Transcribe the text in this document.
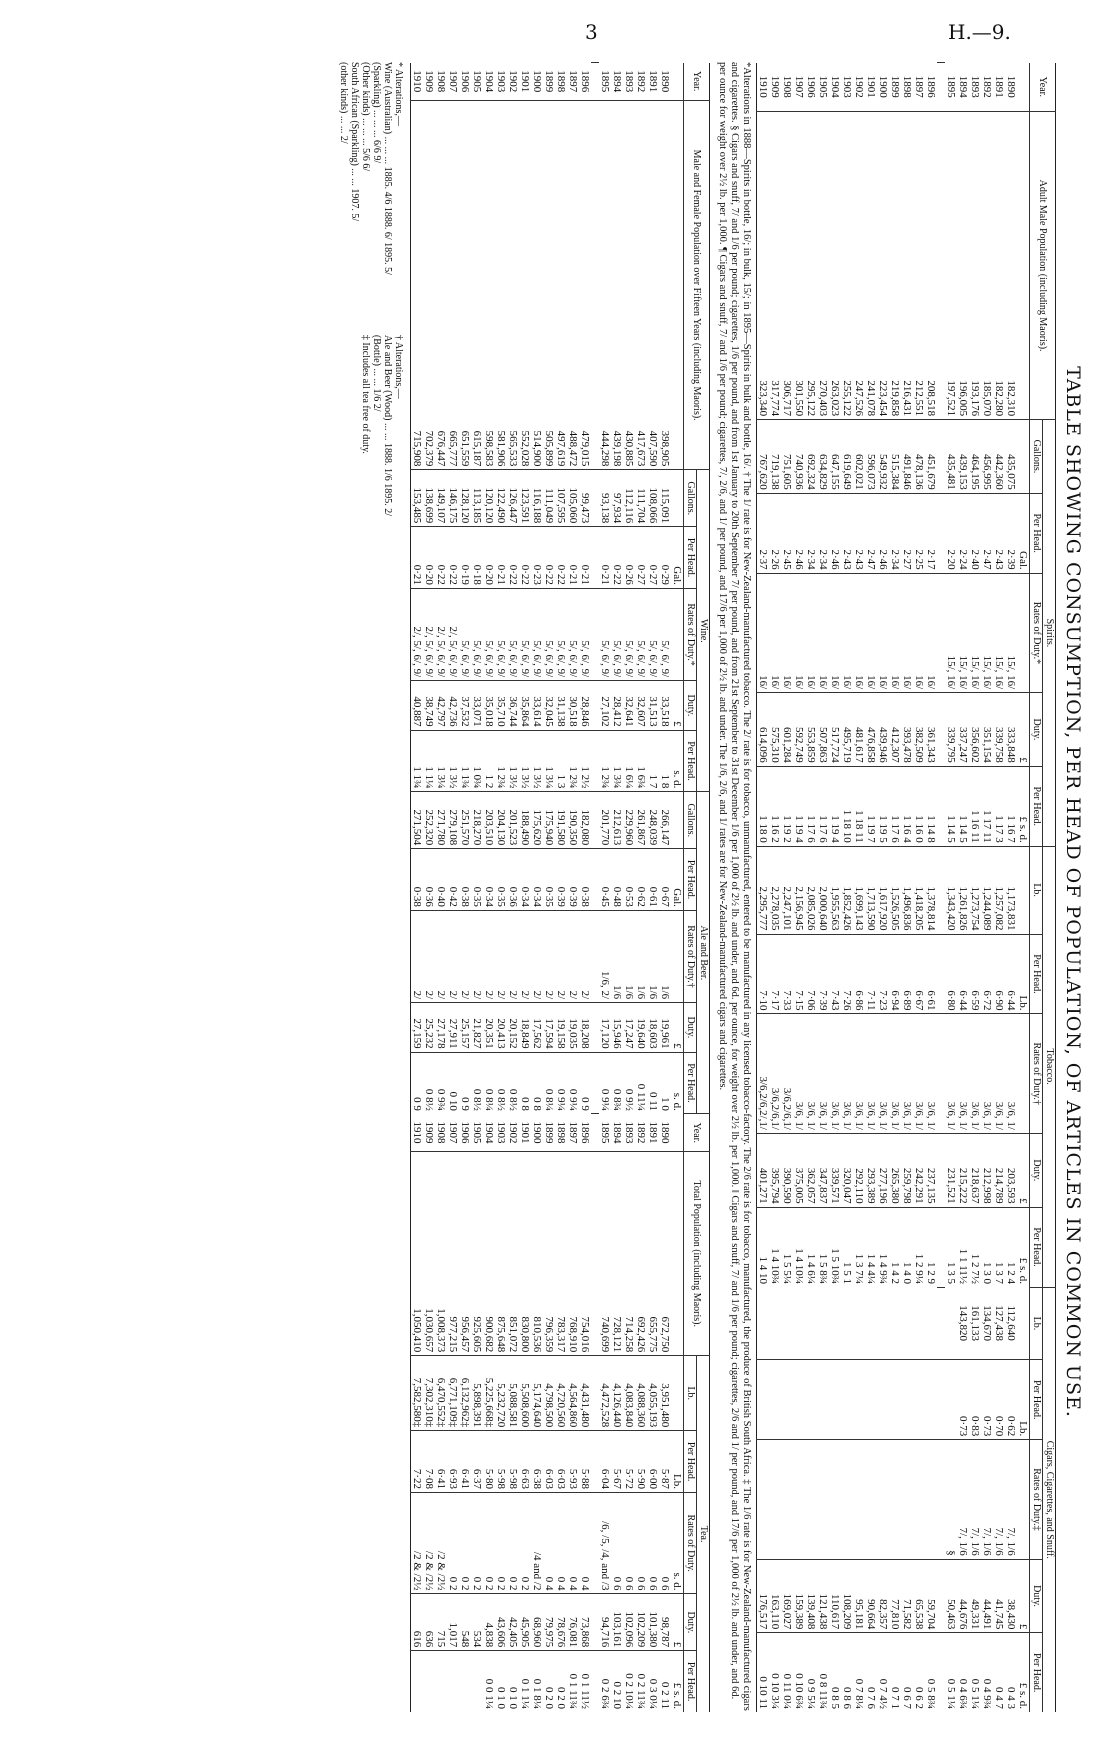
3	H.—9.
TABLE SHOWING CONSUMPTION, PER HEAD OF POPULATION, OF ARTICLES IN COMMON USE.
Year.	Adult Male Population (including Maoris).	Spirits.					Tobacco.					Cigars, Cigarettes, and Snuff.				
		Gallons.	Per Head.	Rates of Duty.*	Duty.	Per Head.	Lb.	Per Head.	Rates of Duty.†	Duty.	Per Head.	Lb.	Per Head.	Rates of Duty.‡	Duty.	Per Head.
			Gal.		£	£ s. d.		Lb.		£	£ s. d.		Lb.		£	£ s. d.
1890	182,310	435,075	2·39	15/, 16/	333,848	1 16 7	1,173,831	6·44	3/6, 1/	203,593	1 2 4	112,640	0·62	7/, 1/6	38,430	0 4 3
1891	182,280	442,360	2·43	15/, 16/	339,758	1 17 3	1,257,082	6·90	3/6, 1/	214,789	1 3 7	127,438	0·70	7/, 1/6	41,745	0 4 7
1892	185,070	456,995	2·47	15/, 16/	351,154	1 17 11	1,244,089	6·72	3/6, 1/	212,998	1 3 0	134,670	0·73	7/, 1/6	44,491	0 4 9¾
1893	193,176	464,195	2·40	15/, 16/	356,602	1 16 11	1,273,754	6·59	3/6, 1/	218,637	1 2 7½	161,133	0·83	7/, 1/6	49,331	0 5 1¼
1894	196,005	439,153	2·24	15/, 16/	337,247	1 14 5	1,261,826	6·44	3/6, 1/	215,222	1 1 11½	143,820	0·73	7/, 1/6	44,676	0 4 6¾
1895	197,521	435,481	2·20	15/, 16/	339,795	1 14 5	1,343,420	6·80	3/6, 1/	231,521	1 3 5			§	50,463	0 5 1¼

1896	208,518	451,679	2·17	16/	361,343	1 14 8	1,378,814	6·61	3/6, 1/	237,135	1 2 9				59,704	0 5 8¾
1897	212,551	478,136	2·25	16/	382,509	1 16 0	1,418,205	6·67	3/6, 1/	242,291	1 2 9¼				65,538	0 6 2
1898	216,431	491,846	2·27	16/	393,478	1 16 4	1,496,836	6·89	3/6, 1/	259,798	1 4 0				71,582	0 6 7
1899	219,858	515,384	2·34	16/	412,307	1 17 6	1,526,505	6·94	3/6, 1/	265,380	1 4 2				77,810	0 7 1
1900	223,454	549,932	2·46	16/	439,946	1 19 5	1,617,920	7·23	3/6, 1/	277,196	1 4 9¾				82,357	0 7 4½
1901	241,078	596,073	2·47	16/	476,858	1 19 7	1,713,590	7·11	3/6, 1/	293,389	1 4 4¼				90,664	0 7 6
1902	247,526	602,021	2·43	16/	481,617	1 18 11	1,699,143	6·86	3/6, 1/	292,110	1 3 7¼				95,181	0 7 8¼
1903	255,122	619,649	2·43	16/	495,719	1 18 10	1,852,426	7·26	3/6, 1/	320,047	1 5 1				108,209	0 8 6
1904	263,023	647,155	2·46	16/	517,724	1 19 4	1,955,563	7·43	3/6, 1/	339,571	1 5 10¾				110,617	0 8 5
1905	270,403	634,829	2·34	16/	507,863	1 17 6	2,000,640	7·39	3/6, 1/	347,837	1 5 8¾				121,438	0 8 11¾
1906	295,122	692,324	2·34	16/	553,859	1 17 6	2,085,026	7·06	3/6, 1/	362,057	1 4 6¼				139,408	0 9 5¼
1907	301,550	740,936	2·46	16/	592,749	1 19 4	2,156,945	7·15	3/6, 1/	375,005	1 4 10¼				159,389	0 10 6¾
1908	306,717	751,605	2·45	16/	601,284	1 19 2	2,247,101	7·33	3/6,2/6,1/	390,590	1 5 5¼				169,027	0 11 0¼
1909	317,774	719,138	2·26	16/	575,310	1 16 2	2,278,035	7·17	3/6,2/6,1/	395,794	1 4 10¾				163,110	0 10 3¼
1910	323,340	767,620	2·37	16/	614,096	1 18 0	2,295,777	7·10	3/6,2/6,2/,1/	401,271	1 4 10				176,517	0 10 11
*Alterations in 1888—Spirits in bottle, 16/; in bulk, 15/; in 1895—Spirits in bulk and bottle, 16/. † The 1/ rate is for New-Zealand-manufactured tobacco. The 2/ rate is for tobacco, unmanufactured, entered to be manufactured in any licensed tobacco-factory. The 2/6 rate is for tobacco, manufactured, the produce of British South Africa. ‡ The 1/6 rate is for New-Zealand-manufactured cigars and cigarettes. § Cigars and snuff, 7/ and 1/6 per pound; cigarettes, 1/6 per pound, and from 1st January to 20th September 7/ per pound, and from 21st September to 31st December 1/6 per 1,000 of 2½ lb. and under, and 6d. per ounce, for weight over 2½ lb. per 1,000. ‖ Cigars and snuff, 7/ and 1/6 per pound; cigarettes, 2/6 and 1/ per pound, and 17/6 per 1,000 of 2½ lb. and under, and 6d. per ounce for weight over 2½ lb. per 1,000. ¶ Cigars and snuff, 7/ and 1/6 per pound; cigarettes, 7/, 2/6, and 1/ per pound, and 17/6 per 1,000 of 2½ lb. and under. The 1/6, 2/6, and 1/ rates are for New-Zealand-manufactured cigars and cigarettes.
Year.	Male and Female Population over Fifteen Years (including Maoris).	Wine.					Ale and Beer.					Year.	Total Population (including Maoris).	Tea.				
		Gallons.	Per Head.	Rates of Duty.*	Duty.	Per Head.	Gallons.	Per Head.	Rates of Duty.†	Duty.	Per Head.			Lb.	Per Head.	Rates of Duty.	Duty.	Per Head.
			Gal.		£	s. d.		Gal.		£	s. d.				Lb.	s. d.	£	£ s. d.
1890	398,905	115,091	0·29	5/, 6/, 9/	33,518	1 8	266,147	0·67	1/6	19,961	1 0	1890	672,750	3,951,480	5·87	0 6	98,787	0 2 11
1891	407,590	108,066	0·27	5/, 6/, 9/	31,513	1 7	248,039	0·61	1/6	18,603	0 11	1891	655,775	4,055,193	6·00	0 6	101,380	0 3 0¼
1892	417,673	111,704	0·27	5/, 6/, 9/	32,607	1 6¾	261,867	0·62	1/6	19,640	0 11¼	1892	692,426	4,088,360	5·90	0 6	102,209	0 2 11¾
1893	430,885	112,116	0·26	5/, 6/, 9/	32,641	1 6¼	229,960	0·53	1/6	17,247	0 9½	1893	714,258	4,083,840	5·72	0 6	102,096	0 2 10¼
1894	439,198	97,934	0·22	5/, 6/, 9/	28,412	1 3¾	212,613	0·48	1/6	15,946	0 8¾	1894	728,121	4,126,440	5·67	0 6	103,161	0 2 10
1895	444,298	93,138	0·21	5/, 6/, 9/	27,102	1 2¾	201,770	0·45	1/6, 2/	17,120	0 9¼	1895	740,699	4,472,528	6·04	/6, /5, /4, and /3	94,716	0 2 6¾

1896	479,015	99,473	0·21	5/, 6/, 9/	28,846	1 2½	182,080	0·38	2/	18,208	0 9	1896	754,016	4,431,480	5·88	0 4	73,868	0 1 11½
1897	488,472	105,060	0·21	5/, 6/, 9/	30,518	1 2¾	190,350	0·39	2/	19,035	0 9¼	1897	768,910	4,564,860	5·93	0 4	76,081	0 1 11¾
1898	497,619	107,595	0·22	5/, 6/, 9/	31,138	1 3	191,580	0·39	2/	19,158	0 9¼	1898	783,317	4,720,560	6·03	0 4	78,676	0 2 0
1899	505,899	111,049	0·22	5/, 6/, 9/	32,045	1 3¼	175,940	0·35	2/	17,594	0 8¼	1899	796,359	4,798,500	6·03	0 4	79,975	0 2 0
1900	514,900	116,188	0·23	5/, 6/, 9/	33,614	1 3½	175,620	0·34	2/	17,562	0 8	1900	810,536	5,174,640	6·38	/4 and /2	68,960	0 1 8¼
1901	552,028	123,591	0·22	5/, 6/, 9/	35,864	1 3½	188,490	0·34	2/	18,849	0 8	1901	830,800	5,508,600	6·63	0 2	45,905	0 1 1¼
1902	565,533	126,447	0·22	5/, 6/, 9/	36,744	1 3½	201,523	0·36	2/	20,152	0 8½	1902	851,072	5,088,581	5·98	0 2	42,405	0 1 0
1903	581,906	122,490	0·21	5/, 6/, 9/	35,710	1 2¾	204,130	0·35	2/	20,413	0 8½	1903	875,648	5,232,720	5·98	0 2	43,606	0 1 0
1904	598,583	120,120	0·20	5/, 6/, 9/	35,018	1 2	203,510	0·34	2/	20,351	0 8¼	1904	900,682	5,225,668‡	5·80	0 2	4,838	0 0 1¼
1905	615,187	113,185	0·18	5/, 6/, 9/	33,071	1 0¾	218,270	0·35	2/	21,827	0 8½	1905	925,605	5,898,391	6·37	0 2	534	
1906	651,559	128,120	0·19	5/, 6/, 9/	37,532	1 1¾	251,570	0·38	2/	25,157	0 9	1906	956,457	6,132,962‡	6·41	0 2	548	
1907	665,777	146,175	0·22	2/, 5/, 6/, 9/	42,736	1 3½	279,108	0·42	2/	27,911	0 10	1907	977,215	6,771,109‡	6·93	0 2	1,017	
1908	676,447	149,107	0·22	2/, 5/, 6/, 9/	42,797	1 3¼	271,780	0·40	2/	27,178	0 9¾	1908	1,008,373	6,470,552‡	6·41	/2 & /2½	715	
1909	702,379	138,699	0·20	2/, 5/, 6/, 9/	38,749	1 1¼	252,320	0·36	2/	25,232	0 8½	1909	1,030,657	7,302,310‡	7·08	/2 & /2½	636	
1910	715,908	153,485	0·21	2/, 5/, 6/, 9/	40,887	1 1¾	271,504	0·38	2/	27,159	0 9	1910	1,050,410	7,582,580‡	7·22	/2 & /2½	616	
* Alterations,—
Wine (Australian) ... ... ... 1885. 4/6 1888. 6/ 1895. 5/
(Sparkling) ... ... ... 6/6 9/
(Other kinds) ... ... ... 5/6 6/
South African (Sparkling) ... ... 1907. 5/
(other kinds) ... ... 2/
† Alterations,—
Ale and Beer (Wood) ... ... 1888. 1/6 1895. 2/
(Bottle) ... ... 1/6 2/
‡ Includes all tea free of duty.
